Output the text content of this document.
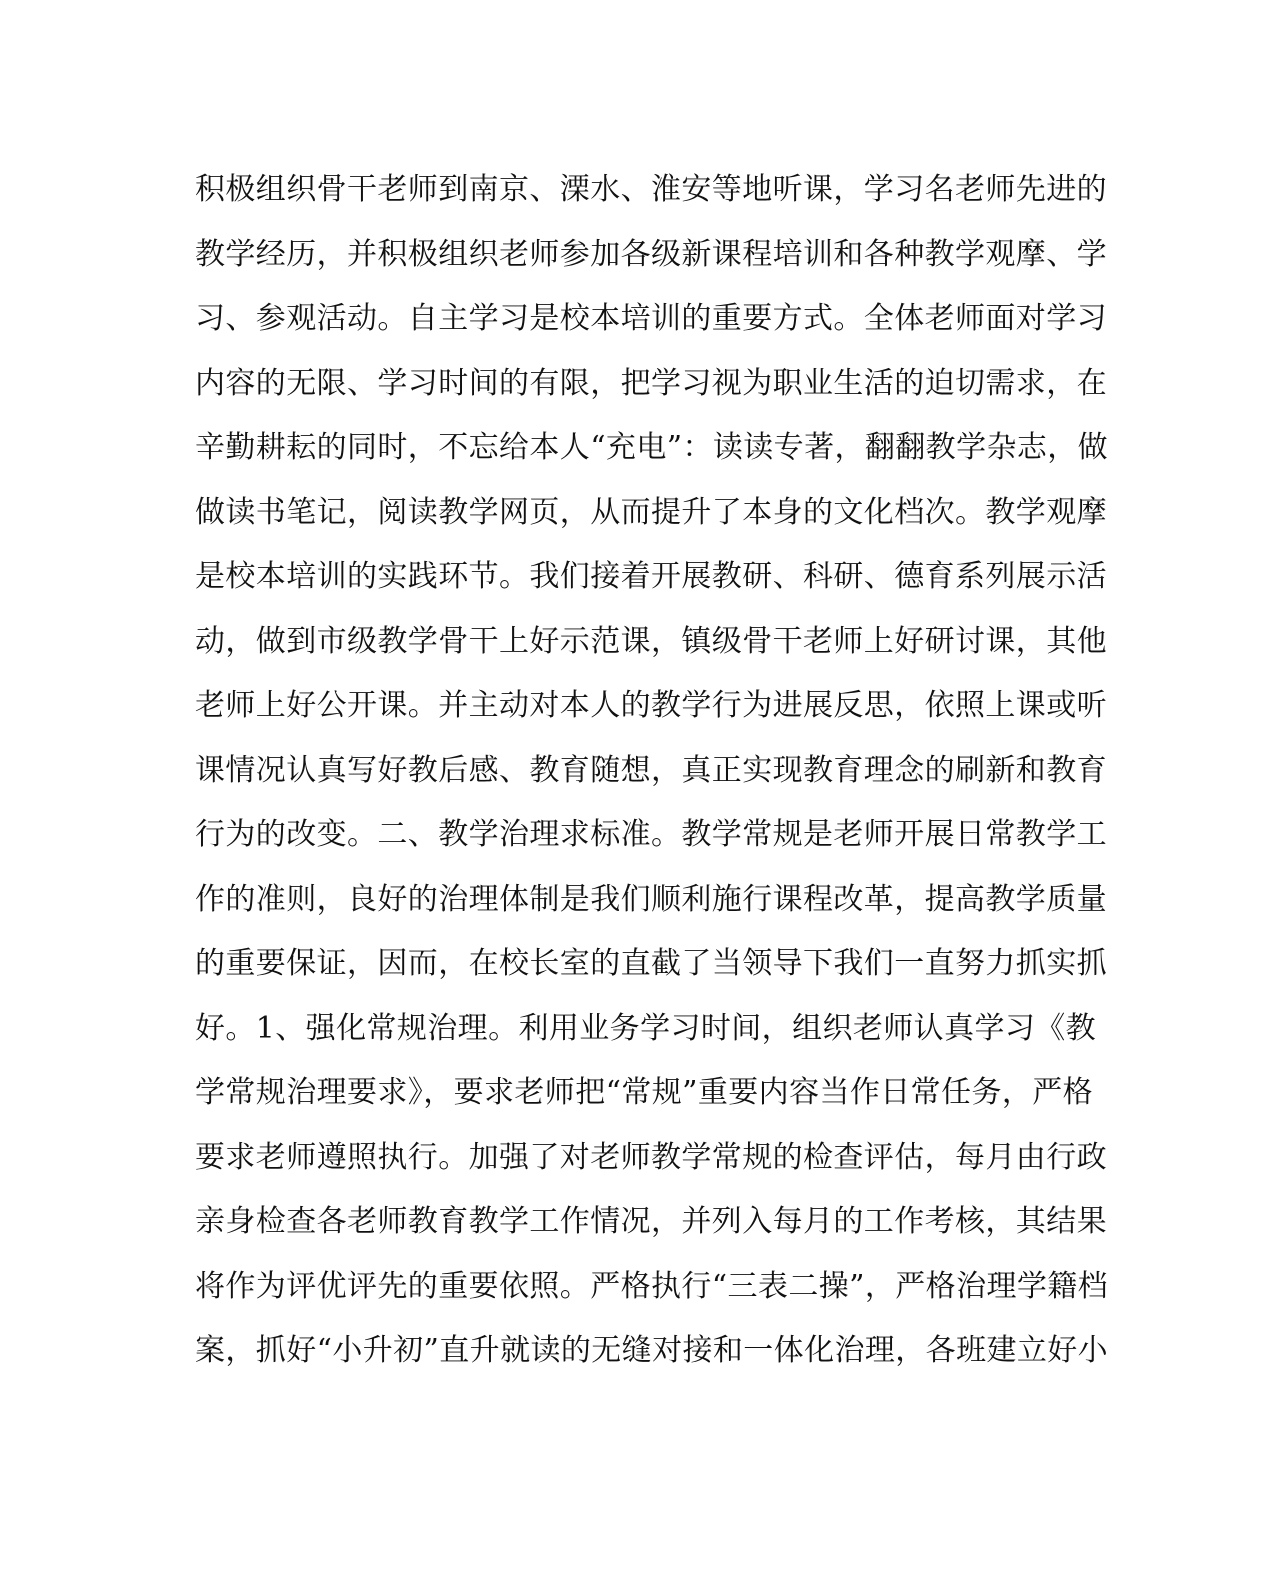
积极组织骨干老师到南京、溧水、淮安等地听课，学习名老师先进的
教学经历，并积极组织老师参加各级新课程培训和各种教学观摩、学
习、参观活动。自主学习是校本培训的重要方式。全体老师面对学习
内容的无限、学习时间的有限，把学习视为职业生活的迫切需求，在
辛勤耕耘的同时，不忘给本人“充电”：读读专著，翻翻教学杂志，做
做读书笔记，阅读教学网页，从而提升了本身的文化档次。教学观摩
是校本培训的实践环节。我们接着开展教研、科研、德育系列展示活
动，做到市级教学骨干上好示范课，镇级骨干老师上好研讨课，其他
老师上好公开课。并主动对本人的教学行为进展反思，依照上课或听
课情况认真写好教后感、教育随想，真正实现教育理念的刷新和教育
行为的改变。二、教学治理求标准。教学常规是老师开展日常教学工
作的准则，良好的治理体制是我们顺利施行课程改革，提高教学质量
的重要保证，因而，在校长室的直截了当领导下我们一直努力抓实抓
好。1、强化常规治理。利用业务学习时间，组织老师认真学习《教
学常规治理要求》，要求老师把“常规”重要内容当作日常任务，严格
要求老师遵照执行。加强了对老师教学常规的检查评估，每月由行政
亲身检查各老师教育教学工作情况，并列入每月的工作考核，其结果
将作为评优评先的重要依照。严格执行“三表二操”，严格治理学籍档
案，抓好“小升初”直升就读的无缝对接和一体化治理，各班建立好小
